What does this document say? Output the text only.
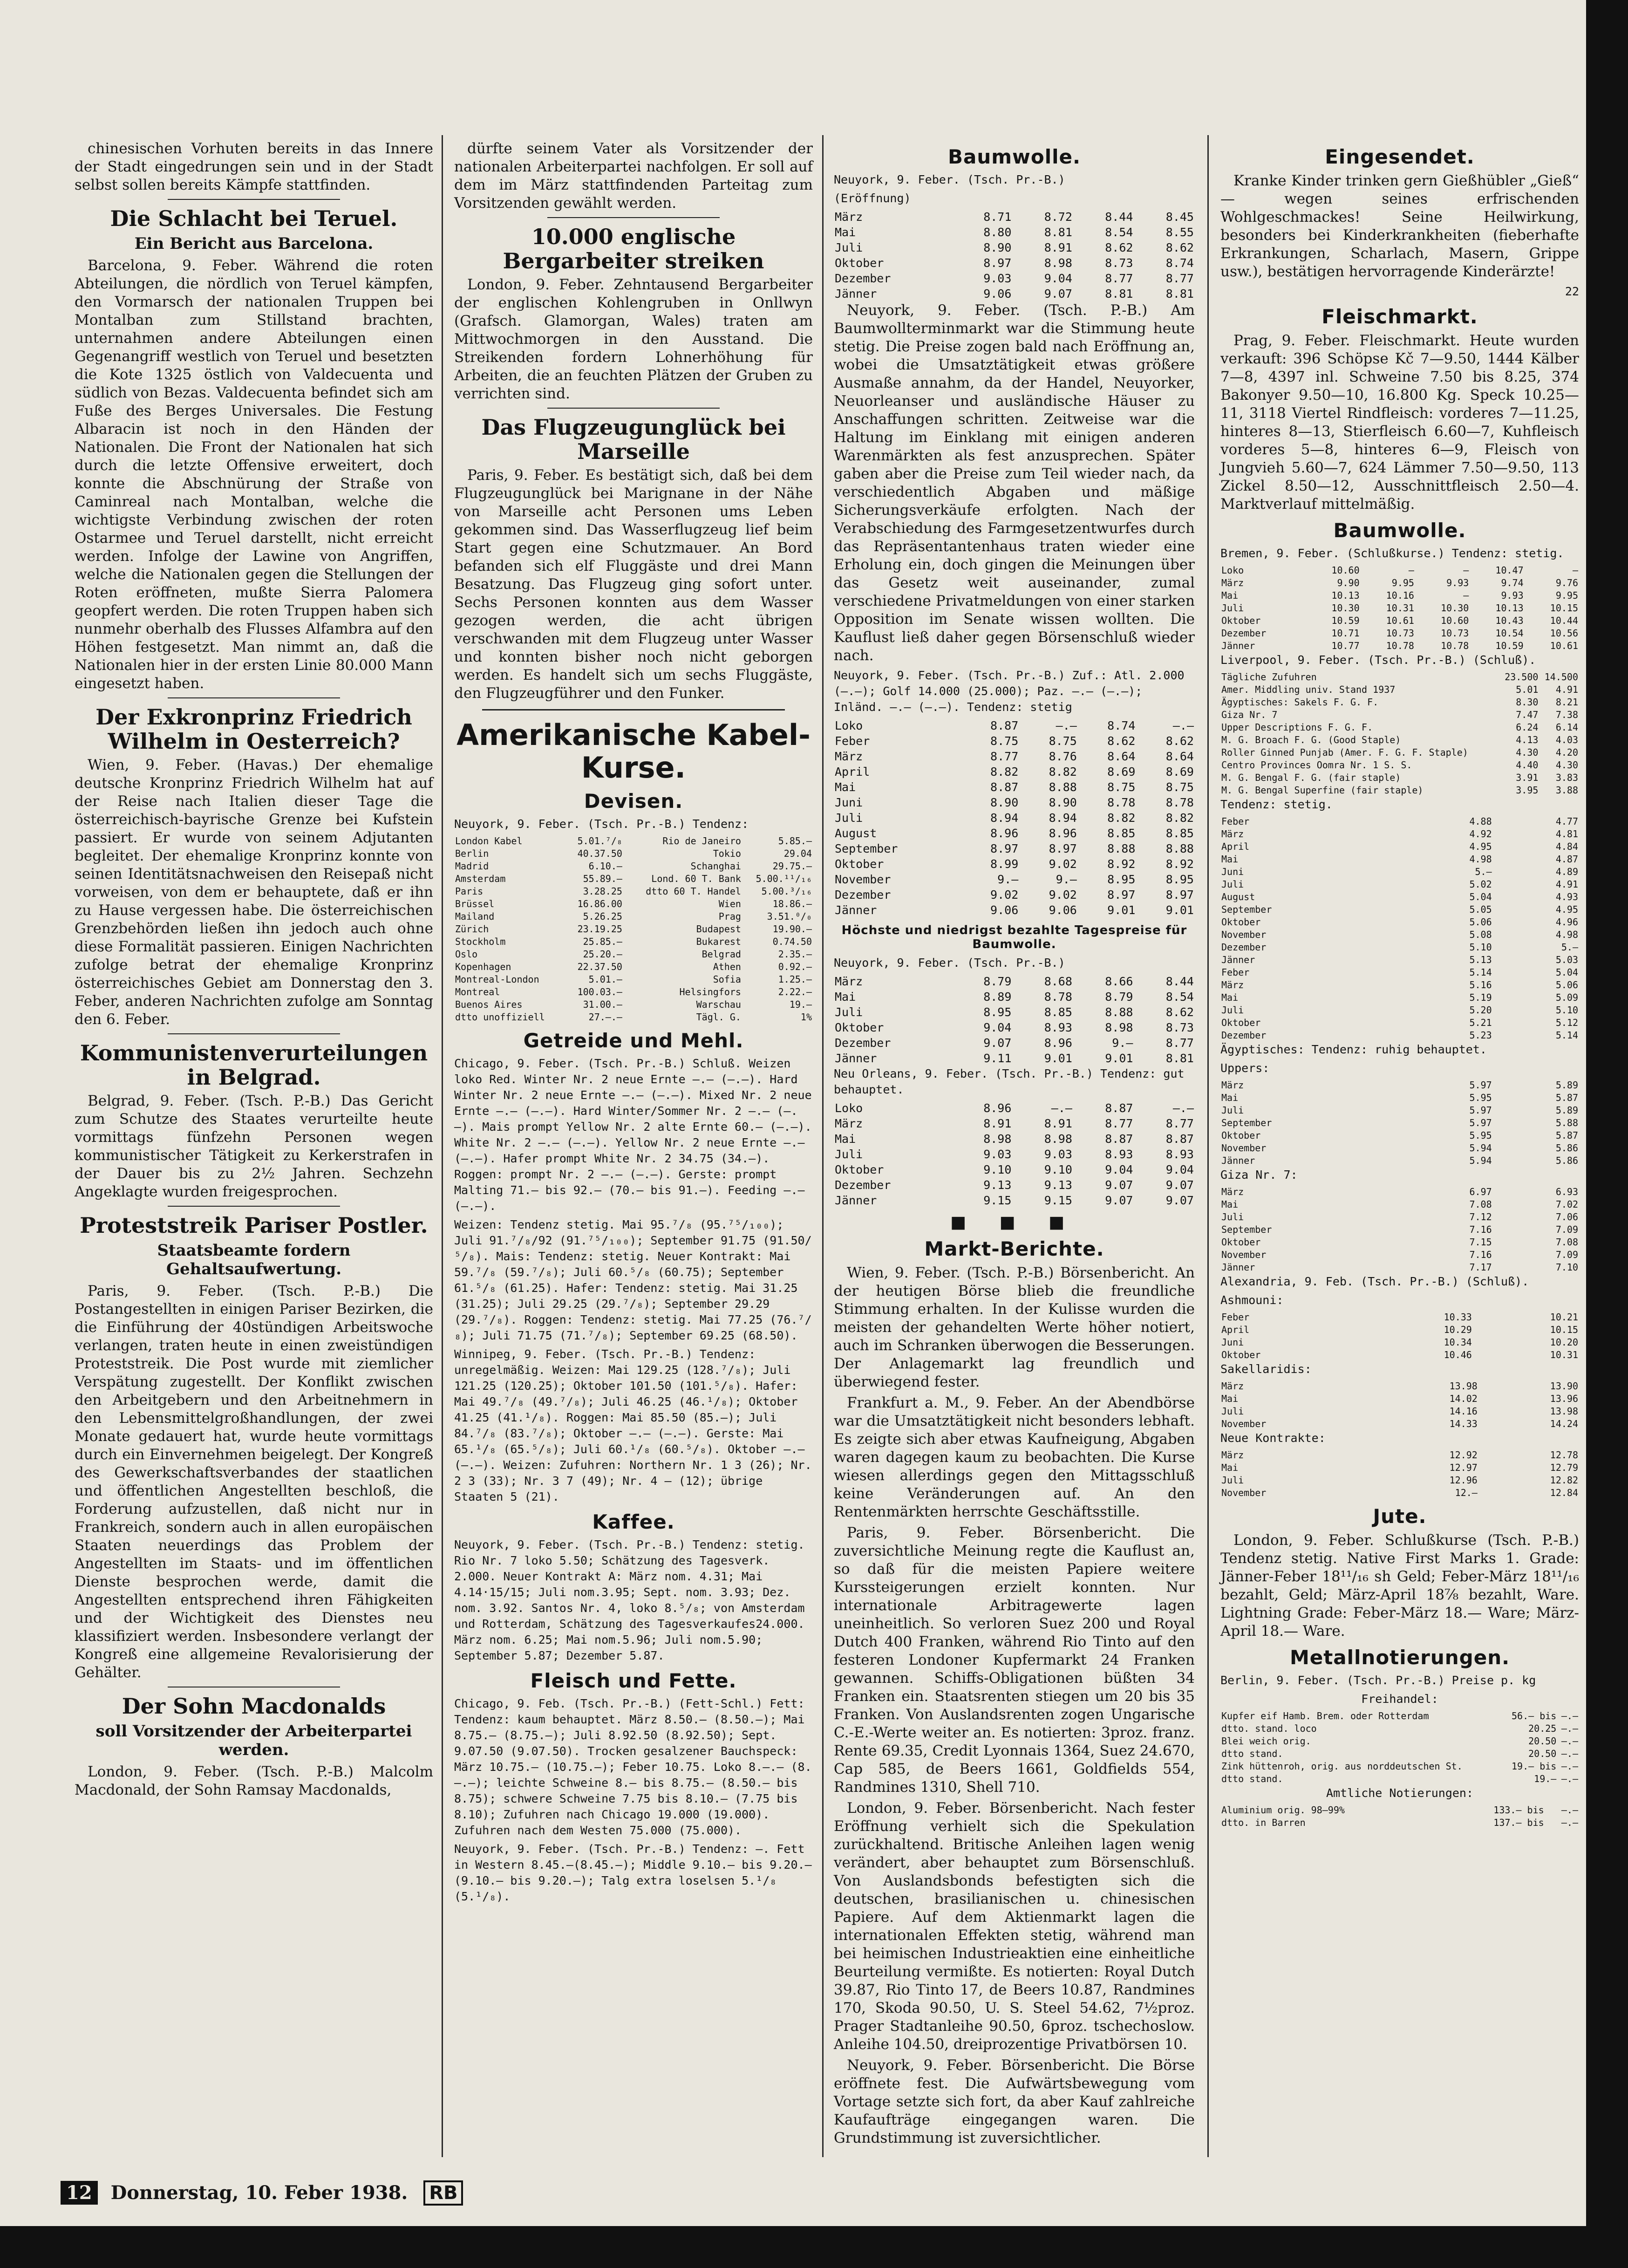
chinesischen Vorhuten bereits in das Innere der Stadt eingedrungen sein und in der Stadt selbst sollen bereits Kämpfe stattfinden.

Die Schlacht bei Teruel.
Ein Bericht aus Barcelona.

Barcelona, 9. Feber. Während die roten Abteilungen, die nördlich von Teruel kämpfen, den Vormarsch der nationalen Truppen bei Montalban zum Stillstand brachten, unternahmen andere Abteilungen einen Gegenangriff westlich von Teruel und besetzten die Kote 1325 östlich von Valdecuenta und südlich von Bezas. Valdecuenta befindet sich am Fuße des Berges Universales. Die Festung Albaracin ist noch in den Händen der Nationalen. Die Front der Nationalen hat sich durch die letzte Offensive erweitert, doch konnte die Abschnürung der Straße von Caminreal nach Montalban, welche die wichtigste Verbindung zwischen der roten Ostarmee und Teruel darstellt, nicht erreicht werden. Infolge der Lawine von Angriffen, welche die Nationalen gegen die Stellungen der Roten eröffneten, mußte Sierra Palomera geopfert werden. Die roten Truppen haben sich nunmehr oberhalb des Flusses Alfambra auf den Höhen festgesetzt. Man nimmt an, daß die Nationalen hier in der ersten Linie 80.000 Mann eingesetzt haben.

Der Exkronprinz Friedrich Wilhelm in Oesterreich?

Wien, 9. Feber. (Havas.) Der ehemalige deutsche Kronprinz Friedrich Wilhelm hat auf der Reise nach Italien dieser Tage die österreichisch-bayrische Grenze bei Kufstein passiert. Er wurde von seinem Adjutanten begleitet. Der ehemalige Kronprinz konnte von seinen Identitätsnachweisen den Reisepaß nicht vorweisen, von dem er behauptete, daß er ihn zu Hause vergessen habe. Die österreichischen Grenzbehörden ließen ihn jedoch auch ohne diese Formalität passieren. Einigen Nachrichten zufolge betrat der ehemalige Kronprinz österreichisches Gebiet am Donnerstag den 3. Feber, anderen Nachrichten zufolge am Sonntag den 6. Feber.

Kommunistenverurteilungen in Belgrad.

Belgrad, 9. Feber. (Tsch. P.-B.) Das Gericht zum Schutze des Staates verurteilte heute vormittags fünfzehn Personen wegen kommunistischer Tätigkeit zu Kerkerstrafen in der Dauer bis zu 2½ Jahren. Sechzehn Angeklagte wurden freigesprochen.

Proteststreik Pariser Postler.
Staatsbeamte fordern Gehaltsaufwertung.

Paris, 9. Feber. (Tsch. P.-B.) Die Postangestellten in einigen Pariser Bezirken, die die Einführung der 40stündigen Arbeitswoche verlangen, traten heute in einen zweistündigen Proteststreik. Die Post wurde mit ziemlicher Verspätung zugestellt. Der Konflikt zwischen den Arbeitgebern und den Arbeitnehmern in den Lebensmittelgroßhandlungen, der zwei Monate gedauert hat, wurde heute vormittags durch ein Einvernehmen beigelegt. Der Kongreß des Gewerkschaftsverbandes der staatlichen und öffentlichen Angestellten beschloß, die Forderung aufzustellen, daß nicht nur in Frankreich, sondern auch in allen europäischen Staaten neuerdings das Problem der Angestellten im Staats- und im öffentlichen Dienste besprochen werde, damit die Angestellten entsprechend ihren Fähigkeiten und der Wichtigkeit des Dienstes neu klassifiziert werden. Insbesondere verlangt der Kongreß eine allgemeine Revalorisierung der Gehälter.

Der Sohn Macdonalds
soll Vorsitzender der Arbeiterpartei werden.

London, 9. Feber. (Tsch. P.-B.) Malcolm Macdonald, der Sohn Ramsay Macdonalds,

dürfte seinem Vater als Vorsitzender der nationalen Arbeiterpartei nachfolgen. Er soll auf dem im März stattfindenden Parteitag zum Vorsitzenden gewählt werden.

10.000 englische Bergarbeiter streiken

London, 9. Feber. Zehntausend Bergarbeiter der englischen Kohlengruben in Onllwyn (Grafsch. Glamorgan, Wales) traten am Mittwochmorgen in den Ausstand. Die Streikenden fordern Lohnerhöhung für Arbeiten, die an feuchten Plätzen der Gruben zu verrichten sind.

Das Flugzeugunglück bei Marseille

Paris, 9. Feber. Es bestätigt sich, daß bei dem Flugzeugunglück bei Marignane in der Nähe von Marseille acht Personen ums Leben gekommen sind. Das Wasserflugzeug lief beim Start gegen eine Schutzmauer. An Bord befanden sich elf Fluggäste und drei Mann Besatzung. Das Flugzeug ging sofort unter. Sechs Personen konnten aus dem Wasser gezogen werden, die acht übrigen verschwanden mit dem Flugzeug unter Wasser und konnten bisher noch nicht geborgen werden. Es handelt sich um sechs Fluggäste, den Flugzeugführer und den Funker.

Amerikanische Kabel-Kurse.
Devisen.

Neuyork, 9. Feber. (Tsch. Pr.-B.) Tendenz:

London Kabel	5.01.⁷/₈	Rio de Janeiro	5.85.—
Berlin	40.37.50	Tokio	29.04
Madrid	6.10.—	Schanghai	29.75.—
Amsterdam	55.89.—	Lond. 60 T. Bank	5.00.¹¹/₁₆
Paris	3.28.25	dtto 60 T. Handel	5.00.³/₁₆
Brüssel	16.86.00	Wien	18.86.—
Mailand	5.26.25	Prag	3.51.⁰/₀
Zürich	23.19.25	Budapest	19.90.—
Stockholm	25.85.—	Bukarest	0.74.50
Oslo	25.20.—	Belgrad	2.35.—
Kopenhagen	22.37.50	Athen	0.92.—
Montreal-London	5.01.—	Sofia	1.25.—
Montreal	100.03.—	Helsingfors	2.22.—
Buenos Aires	31.00.—	Warschau	19.—
dtto unoffiziell	27.—.—	Tägl. G.	1%
Getreide und Mehl.

Chicago, 9. Feber. (Tsch. Pr.-B.) Schluß. Weizen loko Red. Winter Nr. 2 neue Ernte —.— (—.—). Hard Winter Nr. 2 neue Ernte —.— (—.—). Mixed Nr. 2 neue Ernte —.— (—.—). Hard Winter/Sommer Nr. 2 —.— (—.—). Mais prompt Yellow Nr. 2 alte Ernte 60.— (—.—). White Nr. 2 —.— (—.—). Yellow Nr. 2 neue Ernte —.— (—.—). Hafer prompt White Nr. 2 34.75 (34.—). Roggen: prompt Nr. 2 —.— (—.—). Gerste: prompt Malting 71.— bis 92.— (70.— bis 91.—). Feeding —.— (—.—).

Weizen: Tendenz stetig. Mai 95.⁷/₈ (95.⁷⁵/₁₀₀); Juli 91.⁷/₈/92 (91.⁷⁵/₁₀₀); September 91.75 (91.50/⁵/₈). Mais: Tendenz: stetig. Neuer Kontrakt: Mai 59.⁷/₈ (59.⁷/₈); Juli 60.⁵/₈ (60.75); September 61.⁵/₈ (61.25). Hafer: Tendenz: stetig. Mai 31.25 (31.25); Juli 29.25 (29.⁷/₈); September 29.29 (29.⁷/₈). Roggen: Tendenz: stetig. Mai 77.25 (76.⁷/₈); Juli 71.75 (71.⁷/₈); September 69.25 (68.50).

Winnipeg, 9. Feber. (Tsch. Pr.-B.) Tendenz: unregelmäßig. Weizen: Mai 129.25 (128.⁷/₈); Juli 121.25 (120.25); Oktober 101.50 (101.⁵/₈). Hafer: Mai 49.⁷/₈ (49.⁷/₈); Juli 46.25 (46.¹/₈); Oktober 41.25 (41.¹/₈). Roggen: Mai 85.50 (85.—); Juli 84.⁷/₈ (83.⁷/₈); Oktober —.— (—.—). Gerste: Mai 65.¹/₈ (65.⁵/₈); Juli 60.¹/₈ (60.⁵/₈). Oktober —.— (—.—). Weizen: Zufuhren: Northern Nr. 1 3 (26); Nr. 2 3 (33); Nr. 3 7 (49); Nr. 4 — (12); übrige Staaten 5 (21).

Kaffee.

Neuyork, 9. Feber. (Tsch. Pr.-B.) Tendenz: stetig. Rio Nr. 7 loko 5.50; Schätzung des Tagesverk. 2.000. Neuer Kontrakt A: März nom. 4.31; Mai 4.14·15/15; Juli nom.3.95; Sept. nom. 3.93; Dez. nom. 3.92. Santos Nr. 4, loko 8.⁵/₈; von Amsterdam und Rotterdam, Schätzung des Tagesverkaufes24.000. März nom. 6.25; Mai nom.5.96; Juli nom.5.90; September 5.87; Dezember 5.87.

Fleisch und Fette.

Chicago, 9. Feb. (Tsch. Pr.-B.) (Fett-Schl.) Fett: Tendenz: kaum behauptet. März 8.50.— (8.50.—); Mai 8.75.— (8.75.—); Juli 8.92.50 (8.92.50); Sept. 9.07.50 (9.07.50). Trocken gesalzener Bauchspeck: März 10.75.— (10.75.—); Feber 10.75. Loko 8.—.— (8.—.—); leichte Schweine 8.— bis 8.75.— (8.50.— bis 8.75); schwere Schweine 7.75 bis 8.10.— (7.75 bis 8.10); Zufuhren nach Chicago 19.000 (19.000). Zufuhren nach dem Westen 75.000 (75.000).

Neuyork, 9. Feber. (Tsch. Pr.-B.) Tendenz: —. Fett in Western 8.45.—(8.45.—); Middle 9.10.— bis 9.20.— (9.10.— bis 9.20.—); Talg extra loselsen 5.¹/₈ (5.¹/₈).

Baumwolle.

Neuyork, 9. Feber. (Tsch. Pr.-B.)

(Eröffnung)

März	8.71	8.72	8.44	8.45
Mai	8.80	8.81	8.54	8.55
Juli	8.90	8.91	8.62	8.62
Oktober	8.97	8.98	8.73	8.74
Dezember	9.03	9.04	8.77	8.77
Jänner	9.06	9.07	8.81	8.81

Neuyork, 9. Feber. (Tsch. P.-B.) Am Baumwollterminmarkt war die Stimmung heute stetig. Die Preise zogen bald nach Eröffnung an, wobei die Umsatztätigkeit etwas größere Ausmaße annahm, da der Handel, Neuyorker, Neuorleanser und ausländische Häuser zu Anschaffungen schritten. Zeitweise war die Haltung im Einklang mit einigen anderen Warenmärkten als fest anzusprechen. Später gaben aber die Preise zum Teil wieder nach, da verschiedentlich Abgaben und mäßige Sicherungsverkäufe erfolgten. Nach der Verabschiedung des Farmgesetzentwurfes durch das Repräsentantenhaus traten wieder eine Erholung ein, doch gingen die Meinungen über das Gesetz weit auseinander, zumal verschiedene Privatmeldungen von einer starken Opposition im Senate wissen wollten. Die Kauflust ließ daher gegen Börsenschluß wieder nach.

Neuyork, 9. Feber. (Tsch. Pr.-B.) Zuf.: Atl. 2.000 (—.—); Golf 14.000 (25.000); Paz. —.— (—.—); Inländ. —.— (—.—). Tendenz: stetig

Loko	8.87	—.—	8.74	—.—
Feber	8.75	8.75	8.62	8.62
März	8.77	8.76	8.64	8.64
April	8.82	8.82	8.69	8.69
Mai	8.87	8.88	8.75	8.75
Juni	8.90	8.90	8.78	8.78
Juli	8.94	8.94	8.82	8.82
August	8.96	8.96	8.85	8.85
September	8.97	8.97	8.88	8.88
Oktober	8.99	9.02	8.92	8.92
November	9.—	9.—	8.95	8.95
Dezember	9.02	9.02	8.97	8.97
Jänner	9.06	9.06	9.01	9.01
Höchste und niedrigst bezahlte Tagespreise für Baumwolle.

Neuyork, 9. Feber. (Tsch. Pr.-B.)

März	8.79	8.68	8.66	8.44
Mai	8.89	8.78	8.79	8.54
Juli	8.95	8.85	8.88	8.62
Oktober	9.04	8.93	8.98	8.73
Dezember	9.07	8.96	9.—	8.77
Jänner	9.11	9.01	9.01	8.81

Neu Orleans, 9. Feber. (Tsch. Pr.-B.) Tendenz: gut behauptet.

Loko	8.96	—.—	8.87	—.—
März	8.91	8.91	8.77	8.77
Mai	8.98	8.98	8.87	8.87
Juli	9.03	9.03	8.93	8.93
Oktober	9.10	9.10	9.04	9.04
Dezember	9.13	9.13	9.07	9.07
Jänner	9.15	9.15	9.07	9.07
■ ■ ■
Markt-Berichte.

Wien, 9. Feber. (Tsch. P.-B.) Börsenbericht. An der heutigen Börse blieb die freundliche Stimmung erhalten. In der Kulisse wurden die meisten der gehandelten Werte höher notiert, auch im Schranken überwogen die Besserungen. Der Anlagemarkt lag freundlich und überwiegend fester.

Frankfurt a. M., 9. Feber. An der Abendbörse war die Umsatztätigkeit nicht besonders lebhaft. Es zeigte sich aber etwas Kaufneigung, Abgaben waren dagegen kaum zu beobachten. Die Kurse wiesen allerdings gegen den Mittagsschluß keine Veränderungen auf. An den Rentenmärkten herrschte Geschäftsstille.

Paris, 9. Feber. Börsenbericht. Die zuversichtliche Meinung regte die Kauflust an, so daß für die meisten Papiere weitere Kurssteigerungen erzielt konnten. Nur internationale Arbitragewerte lagen uneinheitlich. So verloren Suez 200 und Royal Dutch 400 Franken, während Rio Tinto auf den festeren Londoner Kupfermarkt 24 Franken gewannen. Schiffs-Obligationen büßten 34 Franken ein. Staatsrenten stiegen um 20 bis 35 Franken. Von Auslandsrenten zogen Ungarische C.-E.-Werte weiter an. Es notierten: 3proz. franz. Rente 69.35, Credit Lyonnais 1364, Suez 24.670, Cap 585, de Beers 1661, Goldfields 554, Randmines 1310, Shell 710.

London, 9. Feber. Börsenbericht. Nach fester Eröffnung verhielt sich die Spekulation zurückhaltend. Britische Anleihen lagen wenig verändert, aber behauptet zum Börsenschluß. Von Auslandsbonds befestigten sich die deutschen, brasilianischen u. chinesischen Papiere. Auf dem Aktienmarkt lagen die internationalen Effekten stetig, während man bei heimischen Industrieaktien eine einheitliche Beurteilung vermißte. Es notierten: Royal Dutch 39.87, Rio Tinto 17, de Beers 10.87, Randmines 170, Skoda 90.50, U. S. Steel 54.62, 7½proz. Prager Stadtanleihe 90.50, 6proz. tschechoslow. Anleihe 104.50, dreiprozentige Privatbörsen 10.

Neuyork, 9. Feber. Börsenbericht. Die Börse eröffnete fest. Die Aufwärtsbewegung vom Vortage setzte sich fort, da aber Kauf zahlreiche Kaufaufträge eingegangen waren. Die Grundstimmung ist zuversichtlicher.

Eingesendet.

Kranke Kinder trinken gern Gießhübler „Gieß“ — wegen seines erfrischenden Wohlgeschmackes! Seine Heilwirkung, besonders bei Kinderkrankheiten (fieberhafte Erkrankungen, Scharlach, Masern, Grippe usw.), bestätigen hervorragende Kinderärzte!

22

Fleischmarkt.

Prag, 9. Feber. Fleischmarkt. Heute wurden verkauft: 396 Schöpse Kč 7—9.50, 1444 Kälber 7—8, 4397 inl. Schweine 7.50 bis 8.25, 374 Bakonyer 9.50—10, 16.800 Kg. Speck 10.25—11, 3118 Viertel Rindfleisch: vorderes 7—11.25, hinteres 8—13, Stierfleisch 6.60—7, Kuhfleisch vorderes 5—8, hinteres 6—9, Fleisch von Jungvieh 5.60—7, 624 Lämmer 7.50—9.50, 113 Zickel 8.50—12, Ausschnittfleisch 2.50—4. Marktverlauf mittelmäßig.

Baumwolle.

Bremen, 9. Feber. (Schlußkurse.) Tendenz: stetig.

Loko	10.60	—	—	10.47	—
März	9.90	9.95	9.93	9.74	9.76
Mai	10.13	10.16	—	9.93	9.95
Juli	10.30	10.31	10.30	10.13	10.15
Oktober	10.59	10.61	10.60	10.43	10.44
Dezember	10.71	10.73	10.73	10.54	10.56
Jänner	10.77	10.78	10.78	10.59	10.61

Liverpool, 9. Feber. (Tsch. Pr.-B.) (Schluß).

Tägliche Zufuhren	23.500	14.500
Amer. Middling univ. Stand 1937	5.01	4.91
Ägyptisches: Sakels F. G. F.	8.30	8.21
Giza Nr. 7	7.47	7.38
Upper Descriptions F. G. F.	6.24	6.14
M. G. Broach F. G. (Good Staple)	4.13	4.03
Roller Ginned Punjab (Amer. F. G. F. Staple)	4.30	4.20
Centro Provinces Oomra Nr. 1 S. S.	4.40	4.30
M. G. Bengal F. G. (fair staple)	3.91	3.83
M. G. Bengal Superfine (fair staple)	3.95	3.88

Tendenz: stetig.

Feber	4.88	4.77
März	4.92	4.81
April	4.95	4.84
Mai	4.98	4.87
Juni	5.—	4.89
Juli	5.02	4.91
August	5.04	4.93
September	5.05	4.95
Oktober	5.06	4.96
November	5.08	4.98
Dezember	5.10	5.—
Jänner	5.13	5.03
Feber	5.14	5.04
März	5.16	5.06
Mai	5.19	5.09
Juli	5.20	5.10
Oktober	5.21	5.12
Dezember	5.23	5.14

Ägyptisches: Tendenz: ruhig behauptet.

Uppers:

März	5.97	5.89
Mai	5.95	5.87
Juli	5.97	5.89
September	5.97	5.88
Oktober	5.95	5.87
November	5.94	5.86
Jänner	5.94	5.86

Giza Nr. 7:

März	6.97	6.93
Mai	7.08	7.02
Juli	7.12	7.06
September	7.16	7.09
Oktober	7.15	7.08
November	7.16	7.09
Jänner	7.17	7.10

Alexandria, 9. Feb. (Tsch. Pr.-B.) (Schluß).

Ashmouni:

Feber	10.33	10.21
April	10.29	10.15
Juni	10.34	10.20
Oktober	10.46	10.31

Sakellaridis:

März	13.98	13.90
Mai	14.02	13.96
Juli	14.16	13.98
November	14.33	14.24

Neue Kontrakte:

März	12.92	12.78
Mai	12.97	12.79
Juli	12.96	12.82
November	12.—	12.84
Jute.

London, 9. Feber. Schlußkurse (Tsch. P.-B.) Tendenz stetig. Native First Marks 1. Grade: Jänner-Feber 18¹¹/₁₆ sh Geld; Feber-März 18¹¹/₁₆ bezahlt, Geld; März-April 18⅞ bezahlt, Ware. Lightning Grade: Feber-März 18.— Ware; März-April 18.— Ware.

Metallnotierungen.

Berlin, 9. Feber. (Tsch. Pr.-B.) Preise p. kg

Freihandel:

Kupfer eif Hamb. Brem. oder Rotterdam	56.— bis	—.—
dtto. stand. loco	20.25	—.—
Blei weich orig.	20.50	—.—
dtto stand.	20.50	—.—
Zink hüttenroh, orig. aus norddeutschen St.	19.— bis	—.—
dtto stand.	19.—	—.—

Amtliche Notierungen:

Aluminium orig. 98—99%	133.— bis	—.—
dtto. in Barren	137.— bis	—.—
12 Donnerstag, 10. Feber 1938. RB
